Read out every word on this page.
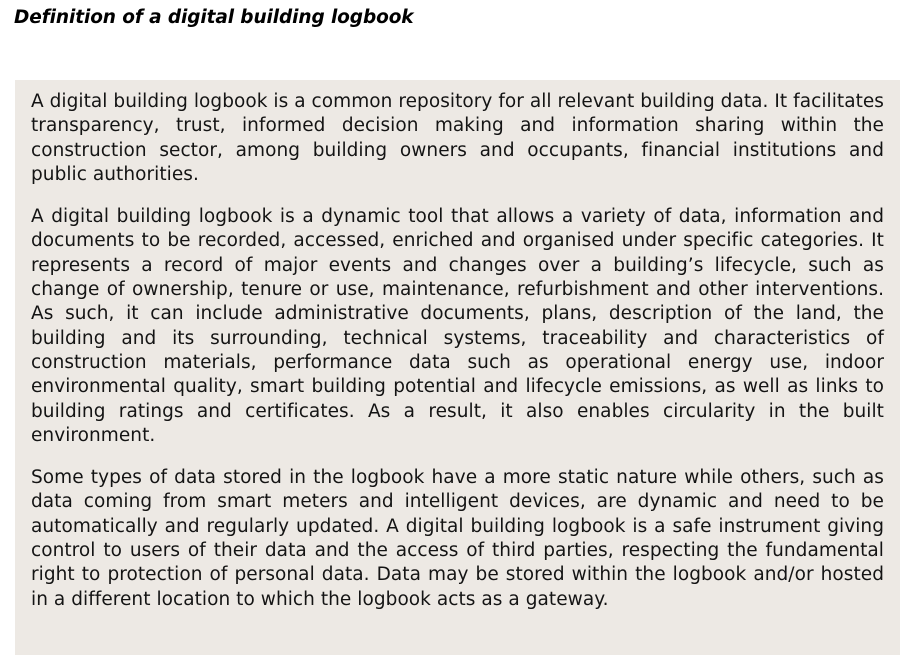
Definition of a digital building logbook

A digital building logbook is a common repository for all relevant building data. It facilitates transparency, trust, informed decision making and information sharing within the construction sector, among building owners and occupants, financial institutions and public authorities.

A digital building logbook is a dynamic tool that allows a variety of data, information and documents to be recorded, accessed, enriched and organised under specific categories. It represents a record of major events and changes over a building’s lifecycle, such as change of ownership, tenure or use, maintenance, refurbishment and other interventions. As such, it can include administrative documents, plans, description of the land, the building and its surrounding, technical systems, traceability and characteristics of construction materials, performance data such as operational energy use, indoor environmental quality, smart building potential and lifecycle emissions, as well as links to building ratings and certificates. As a result, it also enables circularity in the built environment.

Some types of data stored in the logbook have a more static nature while others, such as data coming from smart meters and intelligent devices, are dynamic and need to be automatically and regularly updated. A digital building logbook is a safe instrument giving control to users of their data and the access of third parties, respecting the fundamental right to protection of personal data. Data may be stored within the logbook and/or hosted in a different location to which the logbook acts as a gateway.
